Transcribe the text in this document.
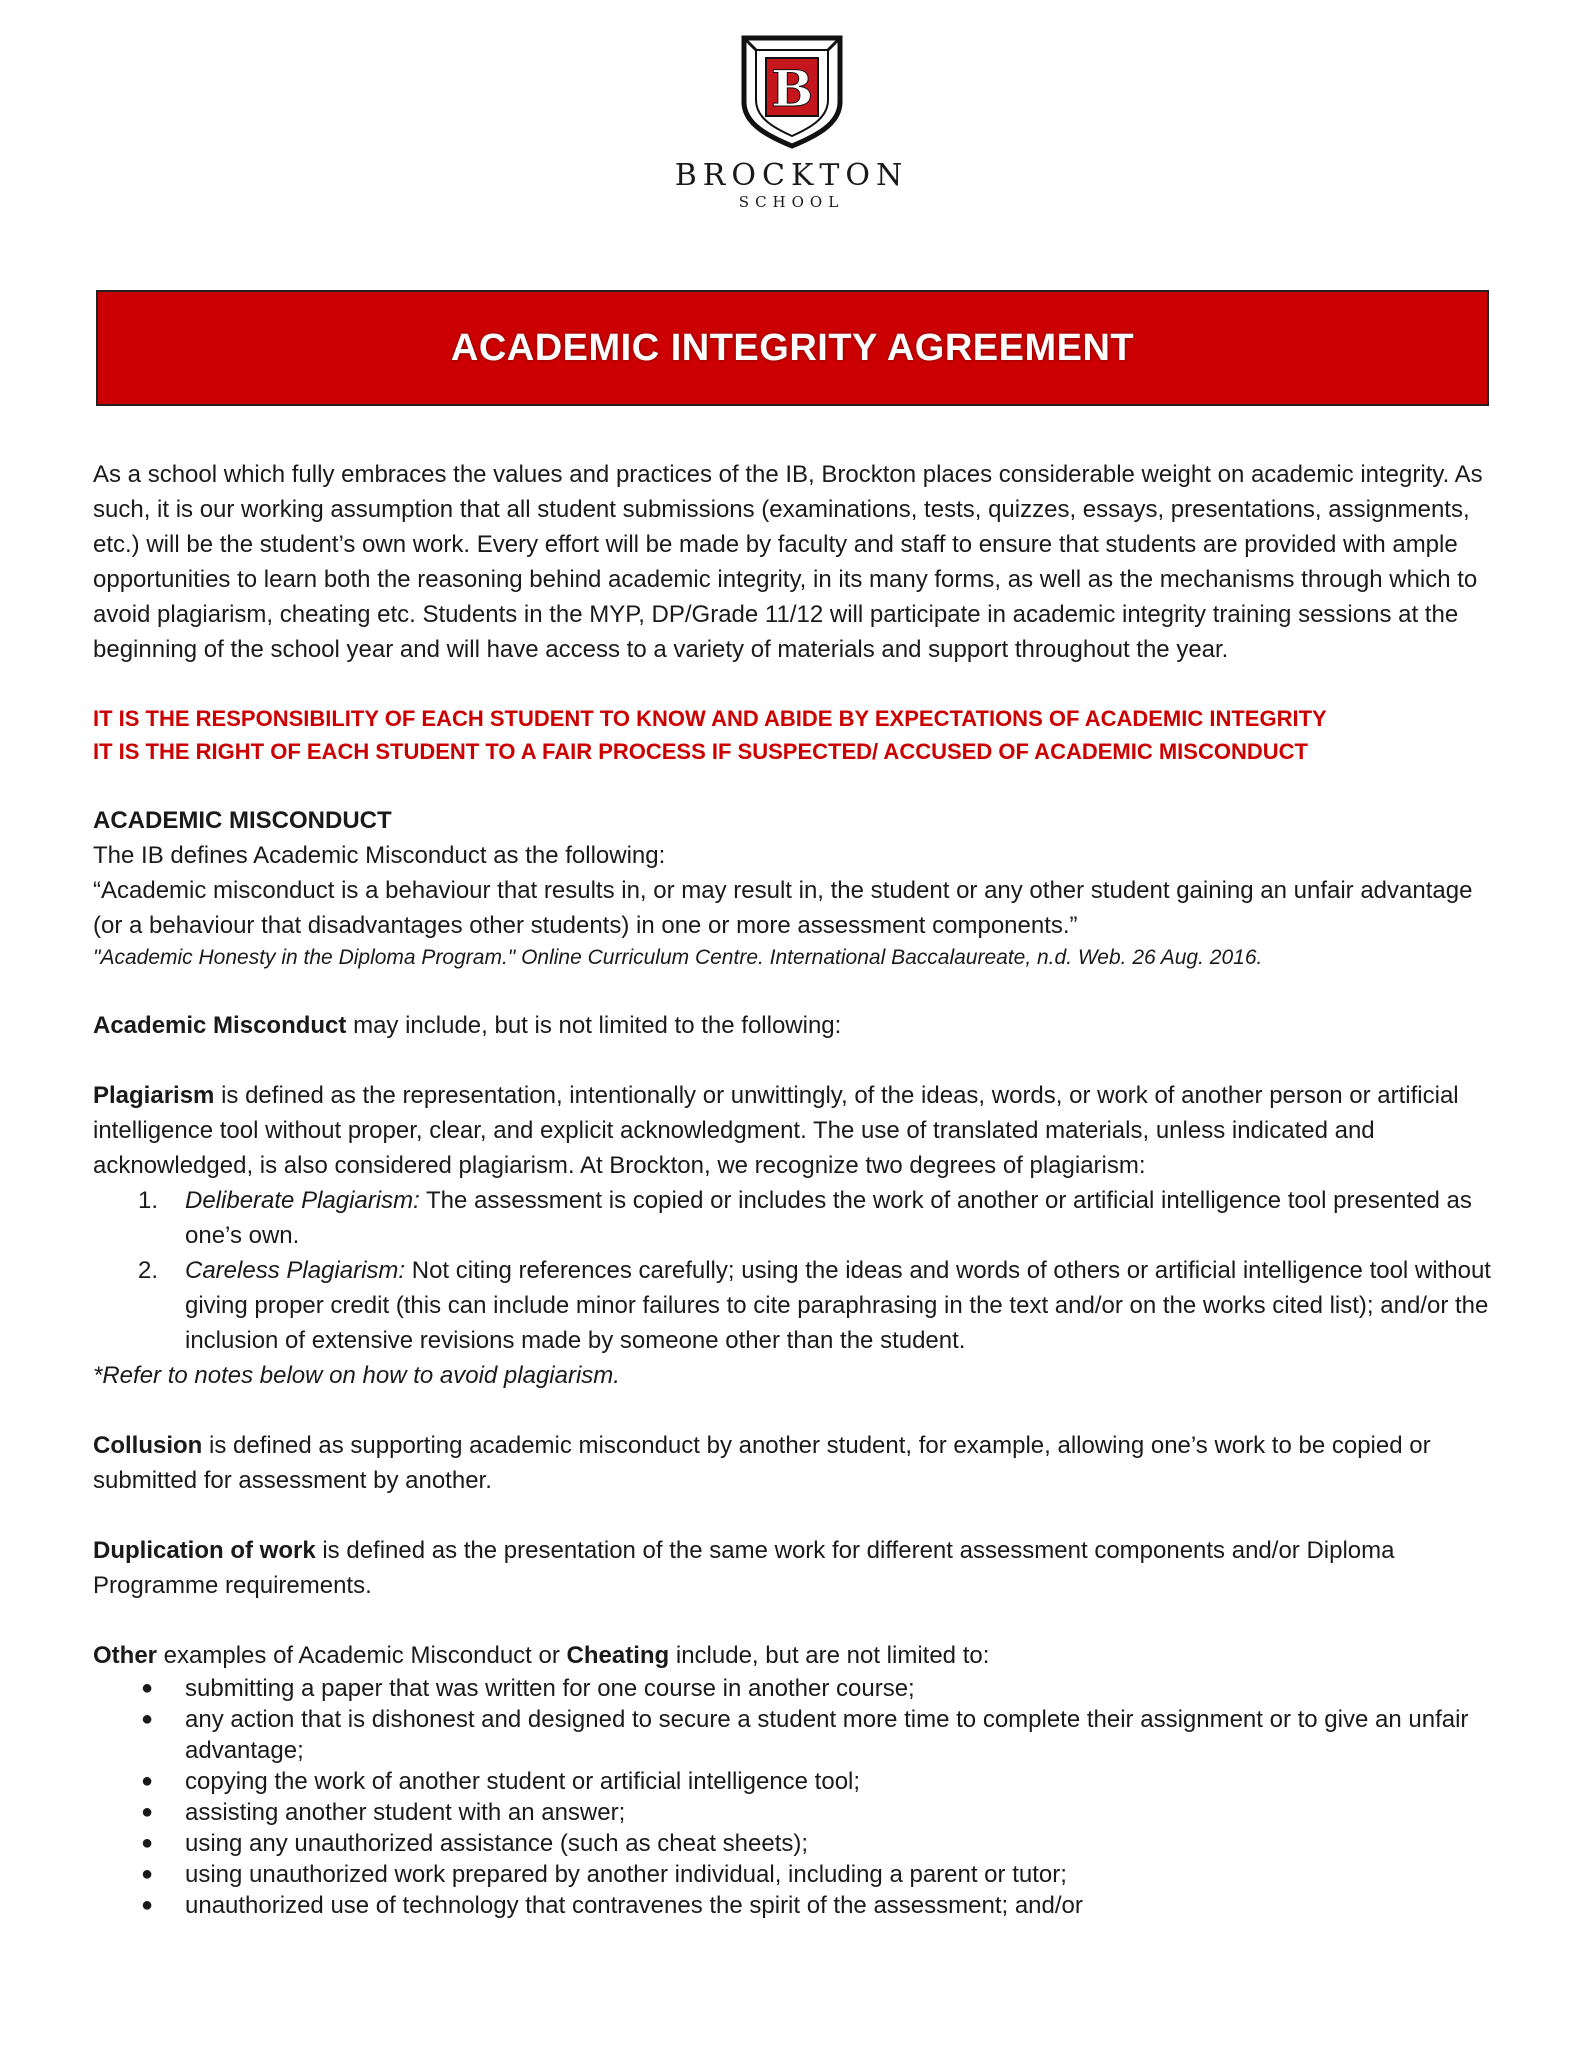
B
BROCKTON
SCHOOL
ACADEMIC INTEGRITY AGREEMENT

As a school which fully embraces the values and practices of the IB, Brockton places considerable weight on academic integrity. As such, it is our working assumption that all student submissions (examinations, tests, quizzes, essays, presentations, assignments, etc.) will be the student’s own work. Every effort will be made by faculty and staff to ensure that students are provided with ample opportunities to learn both the reasoning behind academic integrity, in its many forms, as well as the mechanisms through which to avoid plagiarism, cheating etc. Students in the MYP, DP/Grade 11/12 will participate in academic integrity training sessions at the beginning of the school year and will have access to a variety of materials and support throughout the year.

IT IS THE RESPONSIBILITY OF EACH STUDENT TO KNOW AND ABIDE BY EXPECTATIONS OF ACADEMIC INTEGRITY

IT IS THE RIGHT OF EACH STUDENT TO A FAIR PROCESS IF SUSPECTED/ ACCUSED OF ACADEMIC MISCONDUCT

ACADEMIC MISCONDUCT

The IB defines Academic Misconduct as the following:

“Academic misconduct is a behaviour that results in, or may result in, the student or any other student gaining an unfair advantage (or a behaviour that disadvantages other students) in one or more assessment components.”

"Academic Honesty in the Diploma Program." Online Curriculum Centre. International Baccalaureate, n.d. Web. 26 Aug. 2016.

Academic Misconduct may include, but is not limited to the following:

Plagiarism is defined as the representation, intentionally or unwittingly, of the ideas, words, or work of another person or artificial intelligence tool without proper, clear, and explicit acknowledgment. The use of translated materials, unless indicated and acknowledged, is also considered plagiarism. At Brockton, we recognize two degrees of plagiarism:

1. Deliberate Plagiarism: The assessment is copied or includes the work of another or artificial intelligence tool presented as one’s own.
2. Careless Plagiarism: Not citing references carefully; using the ideas and words of others or artificial intelligence tool without giving proper credit (this can include minor failures to cite paraphrasing in the text and/or on the works cited list); and/or the inclusion of extensive revisions made by someone other than the student.

*Refer to notes below on how to avoid plagiarism.

Collusion is defined as supporting academic misconduct by another student, for example, allowing one’s work to be copied or submitted for assessment by another.

Duplication of work is defined as the presentation of the same work for different assessment components and/or Diploma Programme requirements.

Other examples of Academic Misconduct or Cheating include, but are not limited to:

● submitting a paper that was written for one course in another course;
● any action that is dishonest and designed to secure a student more time to complete their assignment or to give an unfair advantage;
● copying the work of another student or artificial intelligence tool;
● assisting another student with an answer;
● using any unauthorized assistance (such as cheat sheets);
● using unauthorized work prepared by another individual, including a parent or tutor;
● unauthorized use of technology that contravenes the spirit of the assessment; and/or
